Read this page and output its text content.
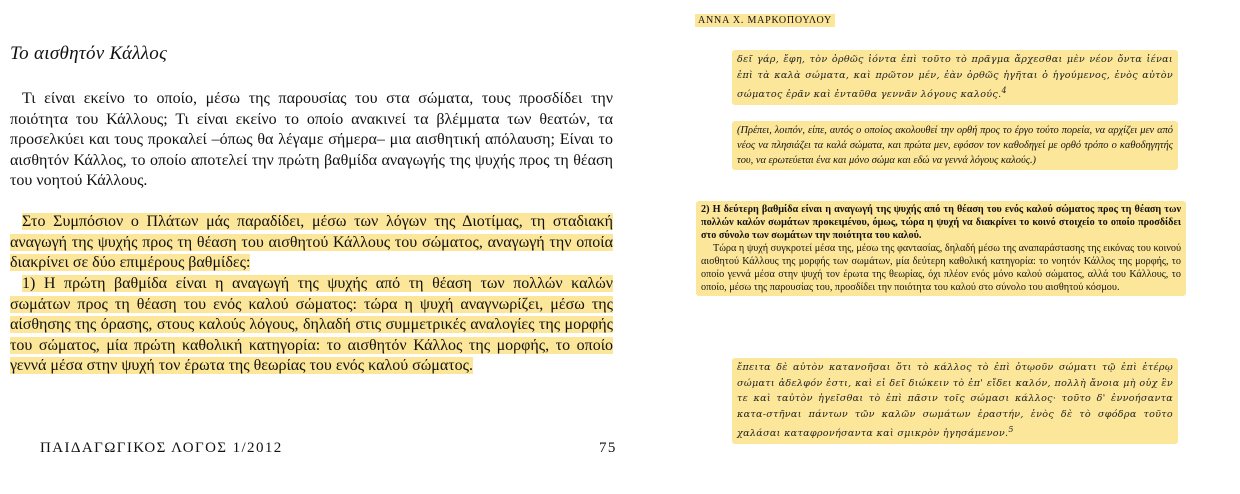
Το αισθητόν Κάλλος

Τι είναι εκείνο το οποίο, μέσω της παρουσίας του στα σώματα, τους προσδίδει την ποιότητα του Κάλλους; Τι είναι εκείνο το οποίο ανακινεί τα βλέμματα των θεατών, τα προσελκύει και τους προκαλεί –όπως θα λέγαμε σήμερα– μια αισθητική απόλαυση; Είναι το αισθητόν Κάλλος, το οποίο αποτελεί την πρώτη βαθμίδα αναγωγής της ψυχής προς τη θέαση του νοητού Κάλλους.

Στο Συμπόσιον ο Πλάτων μάς παραδίδει, μέσω των λόγων της Διοτίμας, τη σταδιακή αναγωγή της ψυχής προς τη θέαση του αισθητού Κάλλους του σώματος, αναγωγή την οποία διακρίνει σε δύο επιμέρους βαθμίδες:

1) Η πρώτη βαθμίδα είναι η αναγωγή της ψυχής από τη θέαση των πολλών καλών σωμάτων προς τη θέαση του ενός καλού σώματος: τώρα η ψυχή αναγνωρίζει, μέσω της αίσθησης της όρασης, στους καλούς λόγους, δηλαδή στις συμμετρικές αναλογίες της μορφής του σώματος, μία πρώτη καθολική κατηγορία: το αισθητόν Κάλλος της μορφής, το οποίο γεννά μέσα στην ψυχή τον έρωτα της θεωρίας του ενός καλού σώματος.

ΠΑΙΔΑΓΩΓΙΚΟΣ ΛΟΓΟΣ 1/2012	75
ΑΝΝΑ Χ. ΜΑΡΚΟΠΟΥΛΟΥ

δεῖ γάρ, ἔφη, τὸν ὀρθῶς ἰόντα ἐπὶ τοῦτο τὸ πρᾶγμα ἄρχεσθαι μὲν νέον ὄντα ἰέναι ἐπὶ τὰ καλὰ σώματα, καὶ πρῶτον μέν, ἐὰν ὀρθῶς ἡγῆται ὁ ἡγούμενος, ἑνὸς αὐτὸν σώματος ἐρᾶν καὶ ἐνταῦθα γεννᾶν λόγους καλούς.$^4$

(Πρέπει, λοιπόν, είπε, αυτός ο οποίος ακολουθεί την ορθή προς το έργο τούτο πορεία, να αρχίζει μεν από νέος να πλησιάζει τα καλά σώματα, και πρώτα μεν, εφόσον τον καθοδηγεί με ορθό τρόπο ο καθοδηγητής του, να ερωτεύεται ένα και μόνο σώμα και εδώ να γεννά λόγους καλούς.)

2) Η δεύτερη βαθμίδα είναι η αναγωγή της ψυχής από τη θέαση του ενός καλού σώματος προς τη θέαση των πολλών καλών σωμάτων προκειμένου, όμως, τώρα η ψυχή να διακρίνει το κοινό στοιχείο το οποίο προσδίδει στο σύνολο των σωμάτων την ποιότητα του καλού.

Τώρα η ψυχή συγκροτεί μέσα της, μέσω της φαντασίας, δηλαδή μέσω της αναπαράστασης της εικόνας του κοινού αισθητού Κάλλους της μορφής των σωμάτων, μία δεύτερη καθολική κατηγορία: το νοητόν Κάλλος της μορφής, το οποίο γεννά μέσα στην ψυχή τον έρωτα της θεωρίας, όχι πλέον ενός μόνο καλού σώματος, αλλά του Κάλλους, το οποίο, μέσω της παρουσίας του, προσδίδει την ποιότητα του καλού στο σύνολο του αισθητού κόσμου.

ἔπειτα δὲ αὐτὸν κατανοῆσαι ὅτι τὸ κάλλος τὸ ἐπὶ ὁτῳοῦν σώματι τῷ ἐπὶ ἑτέρῳ σώματι ἀδελφόν ἐστι, καὶ εἰ δεῖ διώκειν τὸ ἐπ' εἴδει καλόν, πολλὴ ἄνοια μὴ οὐχ ἓν τε καὶ ταὐτὸν ἡγεῖσθαι τὸ ἐπὶ πᾶσιν τοῖς σώμασι κάλλος· τοῦτο δ' ἐννοήσαντα κατα-στῆναι πάντων τῶν καλῶν σωμάτων ἐραστήν, ἑνὸς δὲ τὸ σφόδρα τοῦτο χαλάσαι καταφρονήσαντα καὶ σμικρὸν ἡγησάμενον.$^5$
